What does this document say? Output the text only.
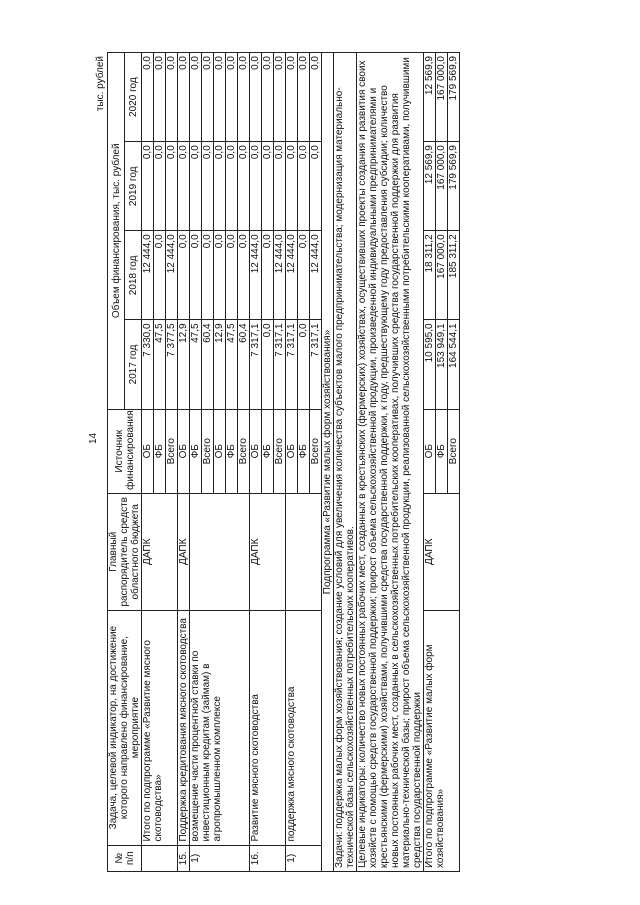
14
тыс. рублей
№ п/п	Задача, целевой индикатор, на достижение которого направлено финансирование, мероприятие	Главный распорядитель средств областного бюджета	Источник финансирования	Объем финансирования, тыс. рублей			
				2017 год	2018 год	2019 год	2020 год
	Итого по подпрограмме «Развитие мясного скотоводства»	ДАПК	ОБ	7 330,0	12 444,0	0,0	0,0
			ФБ	47,5	0,0	0,0	0,0
			Всего	7 377,5	12 444,0	0,0	0,0
15.	Поддержка кредитования мясного скотоводства	ДАПК	ОБ	12,9	0,0	0,0	0,0
1)	возмещение части процентной ставки по инвестиционным кредитам (займам) в агропромышленном комплексе		ФБ	47,5	0,0	0,0	0,0
			Всего	60,4	0,0	0,0	0,0
			ОБ	12,9	0,0	0,0	0,0
			ФБ	47,5	0,0	0,0	0,0
			Всего	60,4	0,0	0,0	0,0
16.	Развитие мясного скотоводства	ДАПК	ОБ	7 317,1	12 444,0	0,0	0,0
			ФБ	0,0	0,0	0,0	0,0
			Всего	7 317,1	12 444,0	0,0	0,0
1)	поддержка мясного скотоводства		ОБ	7 317,1	12 444,0	0,0	0,0
			ФБ	0,0	0,0	0,0	0,0
			Всего	7 317,1	12 444,0	0,0	0,0
Подпрограмма «Развитие малых форм хозяйствования»							
Задачи: поддержка малых форм хозяйствования; создание условий для увеличения количества субъектов малого предпринимательства; модернизация материально-технической базы сельскохозяйственных потребительских кооперативов.							
Целевые индикаторы: количество новых постоянных рабочих мест, созданных в крестьянских (фермерских) хозяйствах, осуществивших проекты создания и развития своих хозяйств с помощью средств государственной поддержки; прирост объема сельскохозяйственной продукции, произведенной индивидуальными предпринимателями и крестьянскими (фермерскими) хозяйствами, получившими средства государственной поддержки, к году, предшествующему году предоставления субсидии; количество новых постоянных рабочих мест, созданных в сельскохозяйственных потребительских кооперативах, получивших средства государственной поддержки для развития материально-технической базы; прирост объема сельскохозяйственной продукции, реализованной сельскохозяйственными потребительскими кооперативами, получившими средства государственной поддержки							
Итого по подпрограмме «Развитие малых форм хозяйствования»		ДАПК	ОБ	10 595,0	18 311,2	12 569,9	12 569,9
			ФБ	153 949,1	167 000,0	167 000,0	167 000,0
			Всего	164 544,1	185 311,2	179 569,9	179 569,9
